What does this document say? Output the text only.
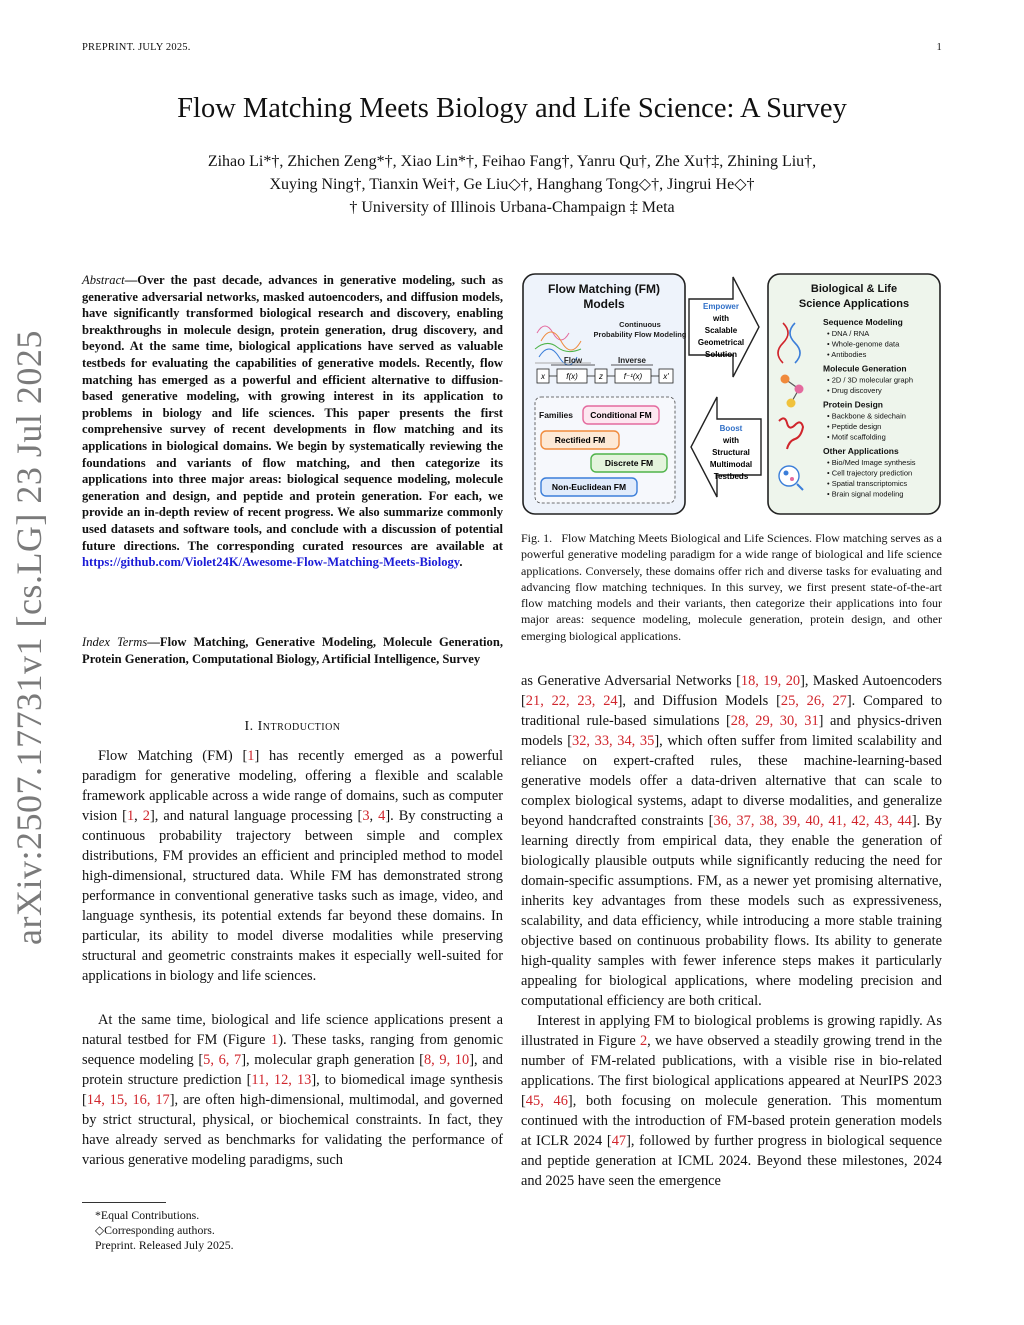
PREPRINT. JULY 2025.	1
Flow Matching Meets Biology and Life Science: A Survey
Zihao Li*†, Zhichen Zeng*†, Xiao Lin*†, Feihao Fang†, Yanru Qu†, Zhe Xu†‡, Zhining Liu†,
Xuying Ning†, Tianxin Wei†, Ge Liu◇†, Hanghang Tong◇†, Jingrui He◇†
† University of Illinois Urbana-Champaign ‡ Meta
arXiv:2507.17731v1 [cs.LG] 23 Jul 2025
Abstract—Over the past decade, advances in generative modeling, such as generative adversarial networks, masked autoencoders, and diffusion models, have significantly transformed biological research and discovery, enabling breakthroughs in molecule design, protein generation, drug discovery, and beyond. At the same time, biological applications have served as valuable testbeds for evaluating the capabilities of generative models. Recently, flow matching has emerged as a powerful and efficient alternative to diffusion-based generative modeling, with growing interest in its application to problems in biology and life sciences. This paper presents the first comprehensive survey of recent developments in flow matching and its applications in biological domains. We begin by systematically reviewing the foundations and variants of flow matching, and then categorize its applications into three major areas: biological sequence modeling, molecule generation and design, and peptide and protein generation. For each, we provide an in-depth review of recent progress. We also summarize commonly used datasets and software tools, and conclude with a discussion of potential future directions. The corresponding curated resources are available at https://github.com/Violet24K/Awesome-Flow-Matching-Meets-Biology.
Index Terms—Flow Matching, Generative Modeling, Molecule Generation, Protein Generation, Computational Biology, Artificial Intelligence, Survey
I. Introduction

Flow Matching (FM) [1] has recently emerged as a powerful paradigm for generative modeling, offering a flexible and scalable framework applicable across a wide range of domains, such as computer vision [1, 2], and natural language processing [3, 4]. By constructing a continuous probability trajectory between simple and complex distributions, FM provides an efficient and principled method to model high-dimensional, structured data. While FM has demonstrated strong performance in conventional generative tasks such as image, video, and language synthesis, its potential extends far beyond these domains. In particular, its ability to model diverse modalities while preserving structural and geometric constraints makes it especially well-suited for applications in biology and life sciences.

At the same time, biological and life science applications present a natural testbed for FM (Figure 1). These tasks, ranging from genomic sequence modeling [5, 6, 7], molecular graph generation [8, 9, 10], and protein structure prediction [11, 12, 13], to biomedical image synthesis [14, 15, 16, 17], are often high-dimensional, multimodal, and governed by strict structural, physical, or biochemical constraints. In fact, they have already served as benchmarks for validating the performance of various generative modeling paradigms, such

*Equal Contributions.
◇Corresponding authors.
Preprint. Released July 2025.
Flow Matching (FM) Models
Continuous Probability Flow Modeling
Flow	Inverse
x	f(x)	z	f⁻¹(x)	x'
Families Conditional FM
Rectified FM
Discrete FM
Non-Euclidean FM
Empower with Scalable Geometrical Solution
Boost with Structural Multimodal Testbeds
Biological & Life Science Applications
Sequence Modeling
• DNA / RNA
• Whole-genome data
• Antibodies
Molecule Generation
• 2D / 3D molecular graph
• Drug discovery
Protein Design
• Backbone & sidechain
• Peptide design
• Motif scaffolding
Other Applications
• Bio/Med Image synthesis
• Cell trajectory prediction
• Spatial transcriptomics
• Brain signal modeling
Fig. 1. Flow Matching Meets Biological and Life Sciences. Flow matching serves as a powerful generative modeling paradigm for a wide range of biological and life science applications. Conversely, these domains offer rich and diverse tasks for evaluating and advancing flow matching techniques. In this survey, we first present state-of-the-art flow matching models and their variants, then categorize their applications into four major areas: sequence modeling, molecule generation, protein design, and other emerging biological applications.

as Generative Adversarial Networks [18, 19, 20], Masked Autoencoders [21, 22, 23, 24], and Diffusion Models [25, 26, 27]. Compared to traditional rule-based simulations [28, 29, 30, 31] and physics-driven models [32, 33, 34, 35], which often suffer from limited scalability and reliance on expert-crafted rules, these machine-learning-based generative models offer a data-driven alternative that can scale to complex biological systems, adapt to diverse modalities, and generalize beyond handcrafted constraints [36, 37, 38, 39, 40, 41, 42, 43, 44]. By learning directly from empirical data, they enable the generation of biologically plausible outputs while significantly reducing the need for domain-specific assumptions. FM, as a newer yet promising alternative, inherits key advantages from these models such as expressiveness, scalability, and data efficiency, while introducing a more stable training objective based on continuous probability flows. Its ability to generate high-quality samples with fewer inference steps makes it particularly appealing for biological applications, where modeling precision and computational efficiency are both critical.

Interest in applying FM to biological problems is growing rapidly. As illustrated in Figure 2, we have observed a steadily growing trend in the number of FM-related publications, with a visible rise in bio-related applications. The first biological applications appeared at NeurIPS 2023 [45, 46], both focusing on molecule generation. This momentum continued with the introduction of FM-based protein generation models at ICLR 2024 [47], followed by further progress in biological sequence and peptide generation at ICML 2024. Beyond these milestones, 2024 and 2025 have seen the emergence
